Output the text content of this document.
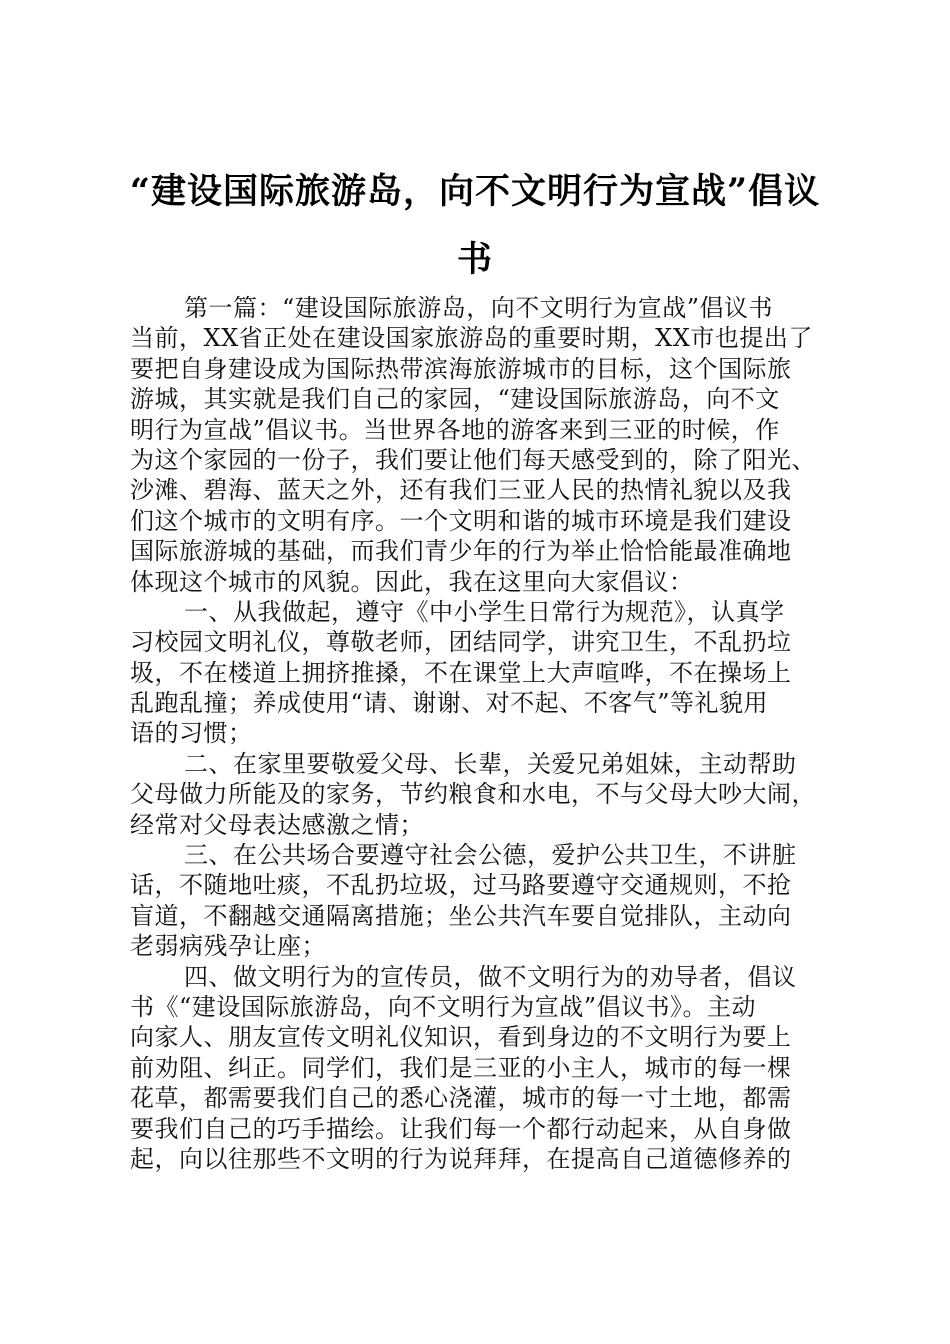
“建设国际旅游岛，向不文明行为宣战”倡议
书
第一篇：“建设国际旅游岛，向不文明行为宣战”倡议书
当前，XX省正处在建设国家旅游岛的重要时期，XX市也提出了
要把自身建设成为国际热带滨海旅游城市的目标，这个国际旅
游城，其实就是我们自己的家园，“建设国际旅游岛，向不文
明行为宣战”倡议书。当世界各地的游客来到三亚的时候，作
为这个家园的一份子，我们要让他们每天感受到的，除了阳光、
沙滩、碧海、蓝天之外，还有我们三亚人民的热情礼貌以及我
们这个城市的文明有序。一个文明和谐的城市环境是我们建设
国际旅游城的基础，而我们青少年的行为举止恰恰能最准确地
体现这个城市的风貌。因此，我在这里向大家倡议：
一、从我做起，遵守《中小学生日常行为规范》，认真学
习校园文明礼仪，尊敬老师，团结同学，讲究卫生，不乱扔垃
圾，不在楼道上拥挤推搡，不在课堂上大声喧哗，不在操场上
乱跑乱撞；养成使用“请、谢谢、对不起、不客气”等礼貌用
语的习惯；
二、在家里要敬爱父母、长辈，关爱兄弟姐妹，主动帮助
父母做力所能及的家务，节约粮食和水电，不与父母大吵大闹，
经常对父母表达感激之情；
三、在公共场合要遵守社会公德，爱护公共卫生，不讲脏
话，不随地吐痰，不乱扔垃圾，过马路要遵守交通规则，不抢
盲道，不翻越交通隔离措施；坐公共汽车要自觉排队，主动向
老弱病残孕让座；
四、做文明行为的宣传员，做不文明行为的劝导者，倡议
书《“建设国际旅游岛，向不文明行为宣战”倡议书》。主动
向家人、朋友宣传文明礼仪知识，看到身边的不文明行为要上
前劝阻、纠正。同学们，我们是三亚的小主人，城市的每一棵
花草，都需要我们自己的悉心浇灌，城市的每一寸土地，都需
要我们自己的巧手描绘。让我们每一个都行动起来，从自身做
起，向以往那些不文明的行为说拜拜，在提高自己道德修养的
